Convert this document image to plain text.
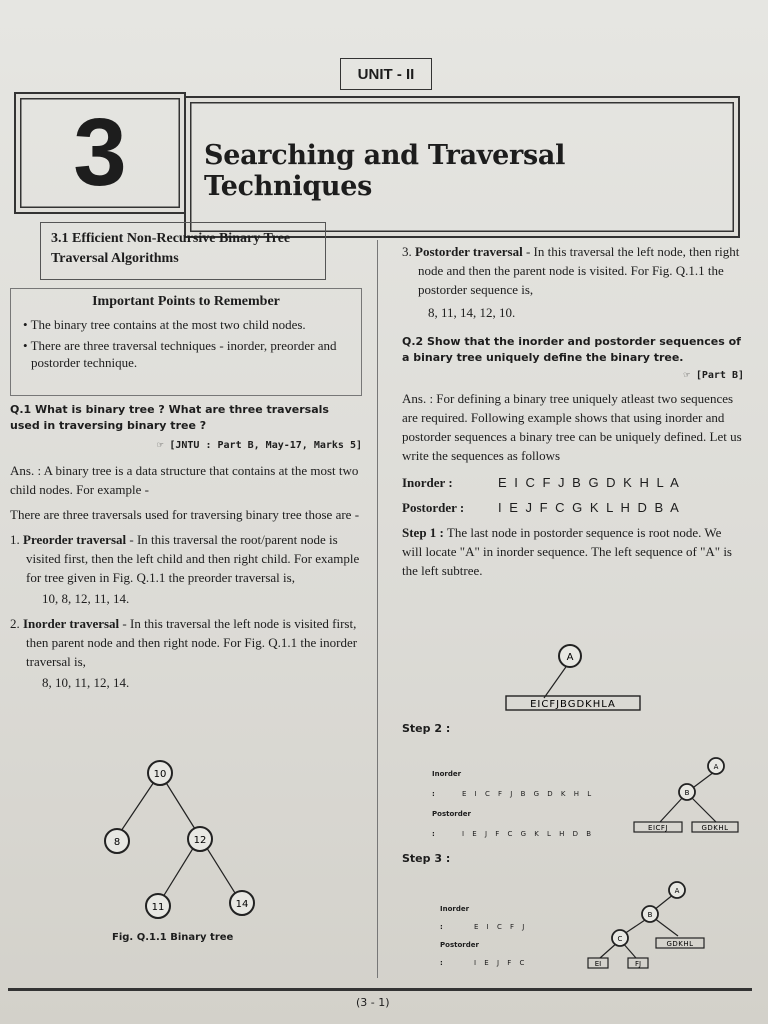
UNIT - II
3	Searching and Traversal Techniques
3.1 Efficient Non-Recursive Binary Tree Traversal Algorithms
Important Points to Remember
• The binary tree contains at the most two child nodes.
• There are three traversal techniques - inorder, preorder and postorder technique.
Q.1 What is binary tree ? What are three traversals used in traversing binary tree ?
☞ [JNTU : Part B, May-17, Marks 5]
Ans. : A binary tree is a data structure that contains at the most two child nodes. For example -
There are three traversals used for traversing binary tree those are -
1. Preorder traversal - In this traversal the root/parent node is visited first, then the left child and then right child. For example for tree given in Fig. Q.1.1 the preorder traversal is,
10, 8, 12, 11, 14.
2. Inorder traversal - In this traversal the left node is visited first, then parent node and then right node. For Fig. Q.1.1 the inorder traversal is,
8, 10, 11, 12, 14.
10
8	12
11	14
Fig. Q.1.1 Binary tree
3. Postorder traversal - In this traversal the left node, then right node and then the parent node is visited. For Fig. Q.1.1 the postorder sequence is,
8, 11, 14, 12, 10.
Q.2 Show that the inorder and postorder sequences of a binary tree uniquely define the binary tree.
☞ [Part B]
Ans. : For defining a binary tree uniquely atleast two sequences are required. Following example shows that using inorder and postorder sequences a binary tree can be uniquely defined. Let us write the sequences as follows
Inorder :	E I C F J B G D K H L A
Postorder :	I E J F C G K L H D B A
Step 1 : The last node in postorder sequence is root node. We will locate "A" in inorder sequence. The left sequence of "A" is the left subtree.
A
EICFJBGDKHLA
Step 2 :
Inorder :	E I C F J B G D K H L
Postorder :	I E J F C G K L H D B
A
B
EICFJ	GDKHL
Step 3 :
Inorder :	E I C F J
Postorder :	I E J F C
A
B
C
GDKHL
EI	FJ
(3 - 1)
